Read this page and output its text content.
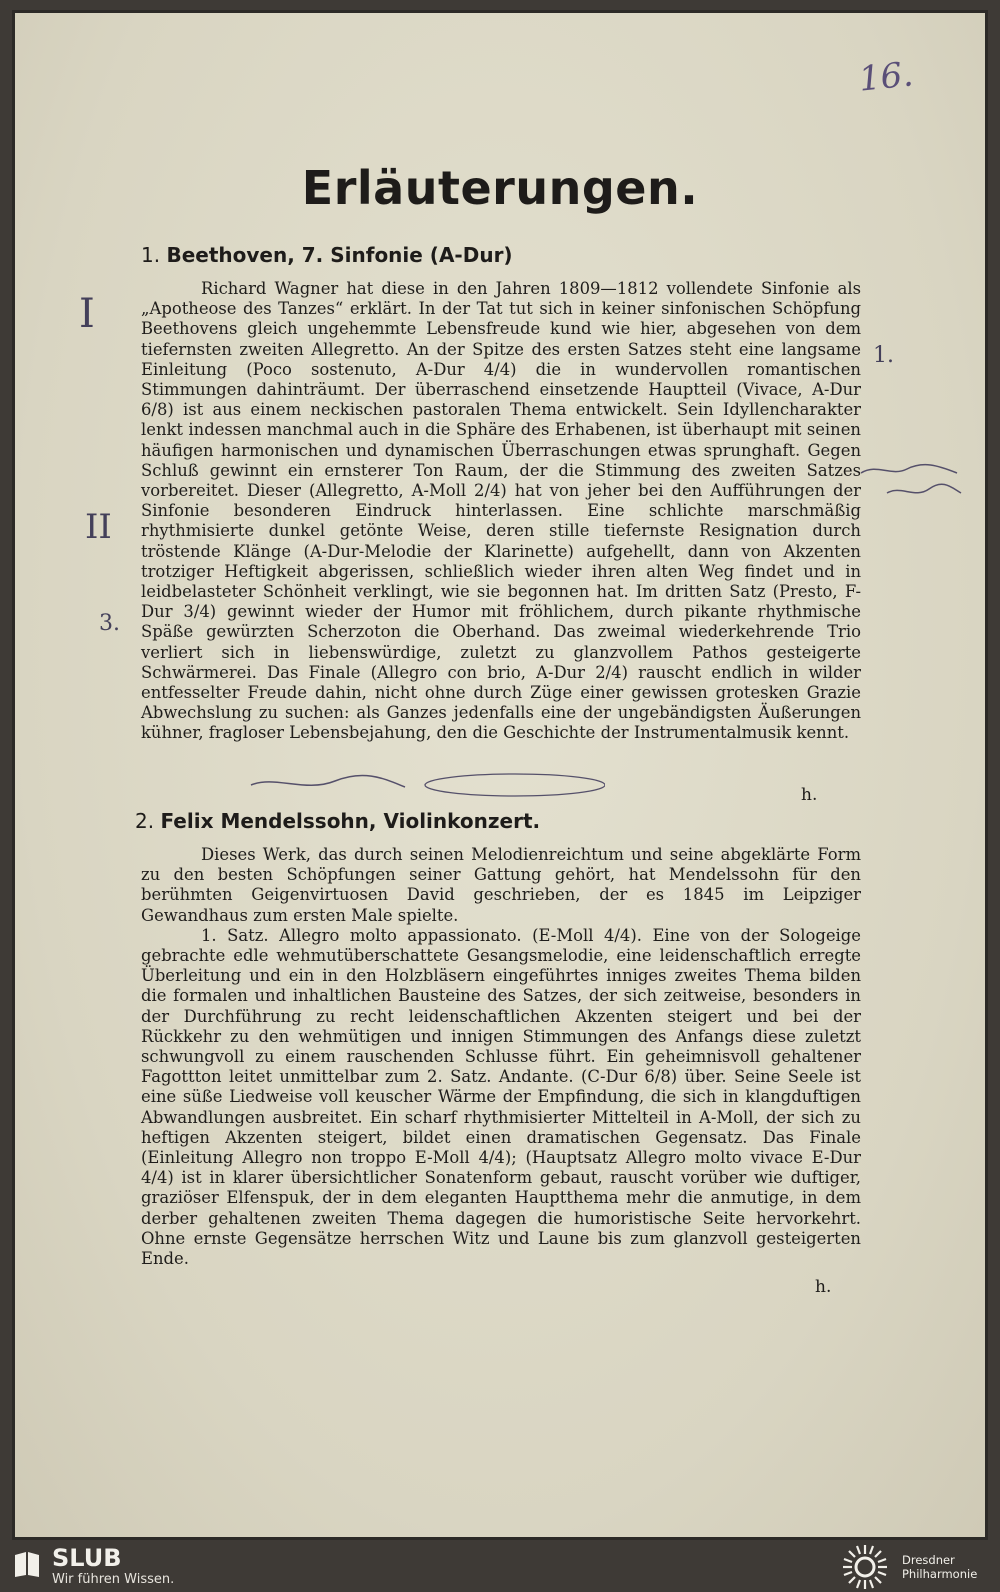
16.
Erläuterungen.
1. Beethoven, 7. Sinfonie (A-Dur)

Richard Wagner hat diese in den Jahren 1809—1812 vollendete Sinfonie als „Apotheose des Tanzes“ erklärt. In der Tat tut sich in keiner sinfonischen Schöpfung Beethovens gleich ungehemmte Lebensfreude kund wie hier, abgesehen von dem tiefernsten zweiten Allegretto. An der Spitze des ersten Satzes steht eine langsame Einleitung (Poco sostenuto, A-Dur 4/4) die in wundervollen romantischen Stimmungen dahinträumt. Der überraschend einsetzende Hauptteil (Vivace, A-Dur 6/8) ist aus einem neckischen pastoralen Thema entwickelt. Sein Idyllencharakter lenkt indessen manchmal auch in die Sphäre des Erhabenen, ist überhaupt mit seinen häufigen harmonischen und dynamischen Überraschungen etwas sprunghaft. Gegen Schluß gewinnt ein ernsterer Ton Raum, der die Stimmung des zweiten Satzes vorbereitet. Dieser (Allegretto, A-Moll 2/4) hat von jeher bei den Aufführungen der Sinfonie besonderen Eindruck hinterlassen. Eine schlichte marschmäßig rhythmisierte dunkel getönte Weise, deren stille tiefernste Resignation durch tröstende Klänge (A-Dur-Melodie der Klarinette) aufgehellt, dann von Akzenten trotziger Heftigkeit abgerissen, schließlich wieder ihren alten Weg findet und in leidbelasteter Schönheit verklingt, wie sie begonnen hat. Im dritten Satz (Presto, F-Dur 3/4) gewinnt wieder der Humor mit fröhlichem, durch pikante rhythmische Späße gewürzten Scherzoton die Oberhand. Das zweimal wiederkehrende Trio verliert sich in liebenswürdige, zuletzt zu glanzvollem Pathos gesteigerte Schwärmerei. Das Finale (Allegro con brio, A-Dur 2/4) rauscht endlich in wilder entfesselter Freude dahin, nicht ohne durch Züge einer gewissen grotesken Grazie Abwechslung zu suchen: als Ganzes jedenfalls eine der ungebändigsten Äußerungen kühner, fragloser Lebensbejahung, den die Geschichte der Instrumentalmusik kennt.

h.
I
II
1.
3.
2. Felix Mendelssohn, Violinkonzert.

Dieses Werk, das durch seinen Melodienreichtum und seine abgeklärte Form zu den besten Schöpfungen seiner Gattung gehört, hat Mendelssohn für den berühmten Geigenvirtuosen David geschrieben, der es 1845 im Leipziger Gewandhaus zum ersten Male spielte.

1. Satz. Allegro molto appassionato. (E-Moll 4/4). Eine von der Sologeige gebrachte edle wehmutüberschattete Gesangsmelodie, eine leidenschaftlich erregte Überleitung und ein in den Holzbläsern eingeführtes inniges zweites Thema bilden die formalen und inhaltlichen Bausteine des Satzes, der sich zeitweise, besonders in der Durchführung zu recht leidenschaftlichen Akzenten steigert und bei der Rückkehr zu den wehmütigen und innigen Stimmungen des Anfangs diese zuletzt schwungvoll zu einem rauschenden Schlusse führt. Ein geheimnisvoll gehaltener Fagottton leitet unmittelbar zum 2. Satz. Andante. (C-Dur 6/8) über. Seine Seele ist eine süße Liedweise voll keuscher Wärme der Empfindung, die sich in klangduftigen Abwandlungen ausbreitet. Ein scharf rhythmisierter Mittelteil in A-Moll, der sich zu heftigen Akzenten steigert, bildet einen dramatischen Gegensatz. Das Finale (Einleitung Allegro non troppo E-Moll 4/4); (Hauptsatz Allegro molto vivace E-Dur 4/4) ist in klarer übersichtlicher Sonatenform gebaut, rauscht vorüber wie duftiger, graziöser Elfenspuk, der in dem eleganten Hauptthema mehr die anmutige, in dem derber gehaltenen zweiten Thema dagegen die humoristische Seite hervorkehrt. Ohne ernste Gegensätze herrschen Witz und Laune bis zum glanzvoll gesteigerten Ende.

h.
SLUB
Wir führen Wissen.
Dresdner
Philharmonie
